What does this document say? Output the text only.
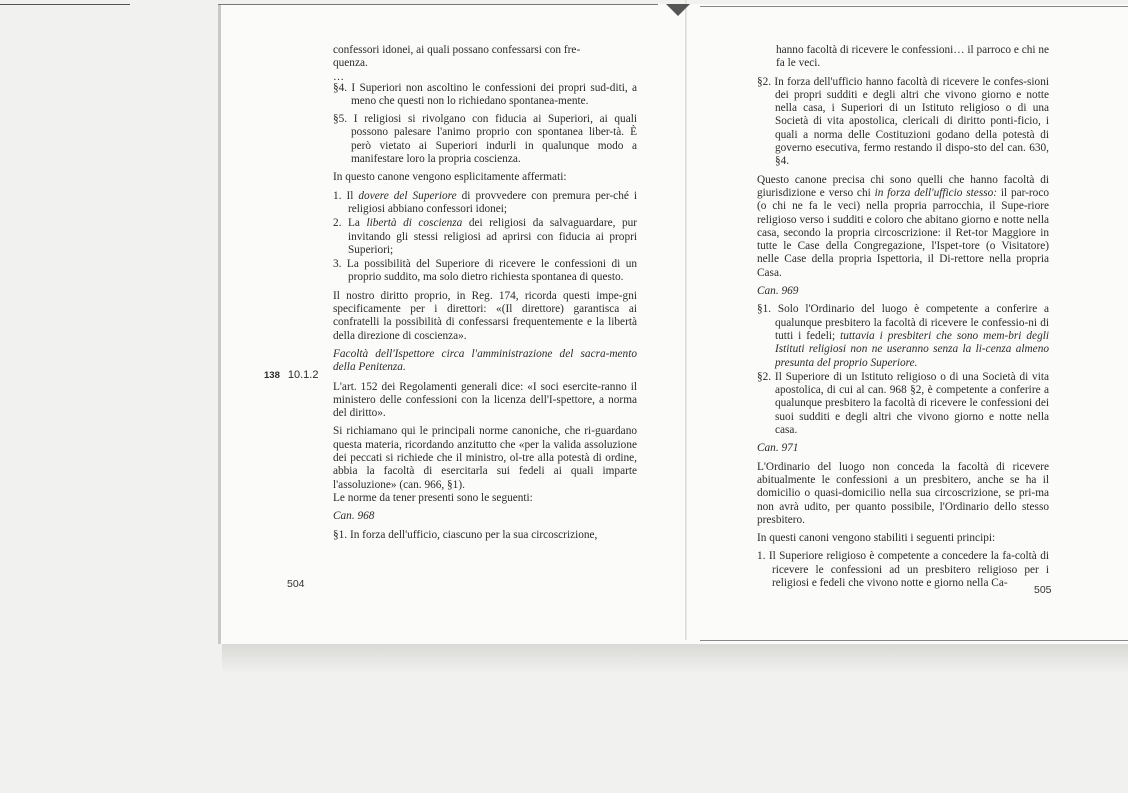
confessori idonei, ai quali possano confessarsi con fre-

quenza.

…

§4. I Superiori non ascoltino le confessioni dei propri sud-diti, a meno che questi non lo richiedano spontanea-mente.

§5. I religiosi si rivolgano con fiducia ai Superiori, ai quali possono palesare l'animo proprio con spontanea liber-tà. È però vietato ai Superiori indurli in qualunque modo a manifestare loro la propria coscienza.

In questo canone vengono esplicitamente affermati:

1. Il dovere del Superiore di provvedere con premura per-ché i religiosi abbiano confessori idonei;

2. La libertà di coscienza dei religiosi da salvaguardare, pur invitando gli stessi religiosi ad aprirsi con fiducia ai propri Superiori;

3. La possibilità del Superiore di ricevere le confessioni di un proprio suddito, ma solo dietro richiesta spontanea di questo.

Il nostro diritto proprio, in Reg. 174, ricorda questi impe-gni specificamente per i direttori: «(Il direttore) garantisca ai confratelli la possibilità di confessarsi frequentemente e la libertà della direzione di coscienza».

Facoltà dell'Ispettore circa l'amministrazione del sacra-mento della Penitenza.

L'art. 152 dei Regolamenti generali dice: «I soci esercite-ranno il ministero delle confessioni con la licenza dell'I-spettore, a norma del diritto».

Si richiamano qui le principali norme canoniche, che ri-guardano questa materia, ricordando anzitutto che «per la valida assoluzione dei peccati si richiede che il ministro, ol-tre alla potestà di ordine, abbia la facoltà di esercitarla sui fedeli ai quali imparte l'assoluzione» (can. 966, §1).

Le norme da tener presenti sono le seguenti:

Can. 968

§1. In forza dell'ufficio, ciascuno per la sua circoscrizione,

138 10.1.2
504

hanno facoltà di ricevere le confessioni… il parroco e chi ne fa le veci.

§2. In forza dell'ufficio hanno facoltà di ricevere le confes-sioni dei propri sudditi e degli altri che vivono giorno e notte nella casa, i Superiori di un Istituto religioso o di una Società di vita apostolica, clericali di diritto ponti-ficio, i quali a norma delle Costituzioni godano della potestà di governo esecutiva, fermo restando il dispo-sto del can. 630, §4.

Questo canone precisa chi sono quelli che hanno facoltà di giurisdizione e verso chi in forza dell'ufficio stesso: il par-roco (o chi ne fa le veci) nella propria parrocchia, il Supe-riore religioso verso i sudditi e coloro che abitano giorno e notte nella casa, secondo la propria circoscrizione: il Ret-tor Maggiore in tutte le Case della Congregazione, l'Ispet-tore (o Visitatore) nelle Case della propria Ispettoria, il Di-rettore nella propria Casa.

Can. 969

§1. Solo l'Ordinario del luogo è competente a conferire a qualunque presbitero la facoltà di ricevere le confessio-ni di tutti i fedeli; tuttavia i presbiteri che sono mem-bri degli Istituti religiosi non ne useranno senza la li-cenza almeno presunta del proprio Superiore.

§2. Il Superiore di un Istituto religioso o di una Società di vita apostolica, di cui al can. 968 §2, è competente a conferire a qualunque presbitero la facoltà di ricevere le confessioni dei suoi sudditi e degli altri che vivono giorno e notte nella casa.

Can. 971

L'Ordinario del luogo non conceda la facoltà di ricevere abitualmente le confessioni a un presbitero, anche se ha il domicilio o quasi-domicilio nella sua circoscrizione, se pri-ma non avrà udito, per quanto possibile, l'Ordinario dello stesso presbitero.

In questi canoni vengono stabiliti i seguenti principi:

1. Il Superiore religioso è competente a concedere la fa-coltà di ricevere le confessioni ad un presbitero religioso per i religiosi e fedeli che vivono notte e giorno nella Ca-

505
